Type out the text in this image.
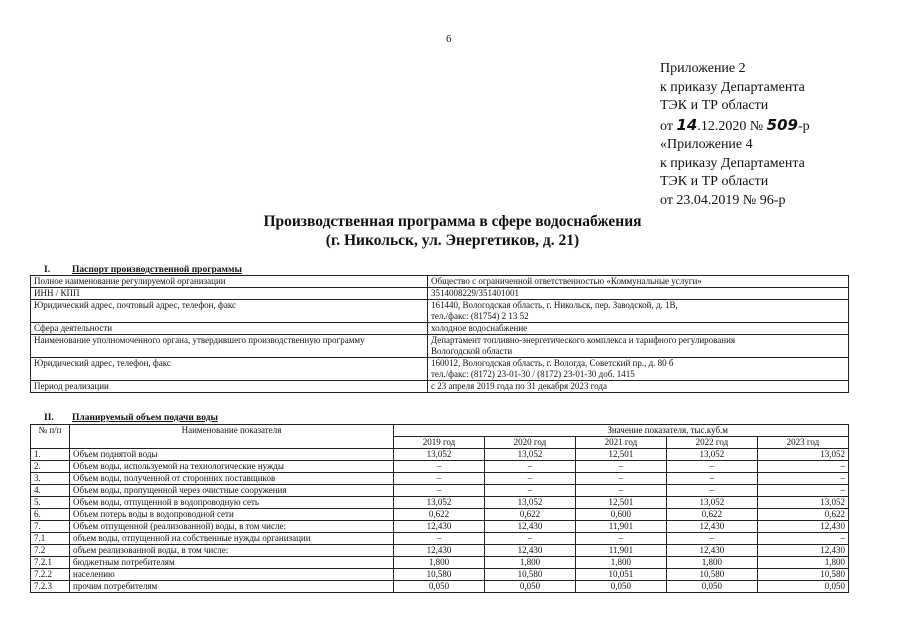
6
Приложение 2
к приказу Департамента
ТЭК и ТР области
от 14.12.2020 № 509-р
«Приложение 4
к приказу Департамента
ТЭК и ТР области
от 23.04.2019 № 96-р
Производственная программа в сфере водоснабжения
(г. Никольск, ул. Энергетиков, д. 21)
I. Паспорт производственной программы
Полное наименование регулируемой организации	Общество с ограниченной ответственностью «Коммунальные услуги»

ИНН / КПП	3514008229/351401001

Юридический адрес, почтовый адрес, телефон, факс	161440, Вологодская область, г. Никольск, пер. Заводской, д. 1В,
тел./факс: (81754) 2 13 52

Сфера деятельности	холодное водоснабжение

Наименование уполномоченного органа, утвердившего производственную программу	Департамент топливно-энергетического комплекса и тарифного регулирования
Вологодской области

Юридический адрес, телефон, факс	160012, Вологодская область, г. Вологда, Советский пр., д. 80 б
тел./факс: (8172) 23-01-30 / (8172) 23-01-30 доб. 1415

Период реализации	с 23 апреля 2019 года по 31 декабря 2023 года
II. Планируемый объем подачи воды
№ п/п	Наименование показателя	Значение показателя, тыс.куб.м				
		2019 год	2020 год	2021 год	2022 год	2023 год
1.	Объем поднятой воды	13,052	13,052	12,501	13,052	13,052
2.	Объем воды, используемой на технологические нужды	–	–	–	–	–
3.	Объем воды, полученной от сторонних поставщиков	–	–	–	–	–
4.	Объем воды, пропущенной через очистные сооружения	–	–	–	–	–
5.	Объем воды, отпущенной в водопроводную сеть	13,052	13,052	12,501	13,052	13,052
6.	Объем потерь воды в водопроводной сети	0,622	0,622	0,600	0,622	0,622
7.	Объем отпущенной (реализованной) воды, в том числе:	12,430	12,430	11,901	12,430	12,430
7.1	объем воды, отпущенной на собственные нужды организации	–	–	–	–	–
7.2	объем реализованной воды, в том числе:	12,430	12,430	11,901	12,430	12,430
7.2.1	бюджетным потребителям	1,800	1,800	1,800	1,800	1,800
7.2.2	населению	10,580	10,580	10,051	10,580	10,580
7.2.3	прочим потребителям	0,050	0,050	0,050	0,050	0,050
